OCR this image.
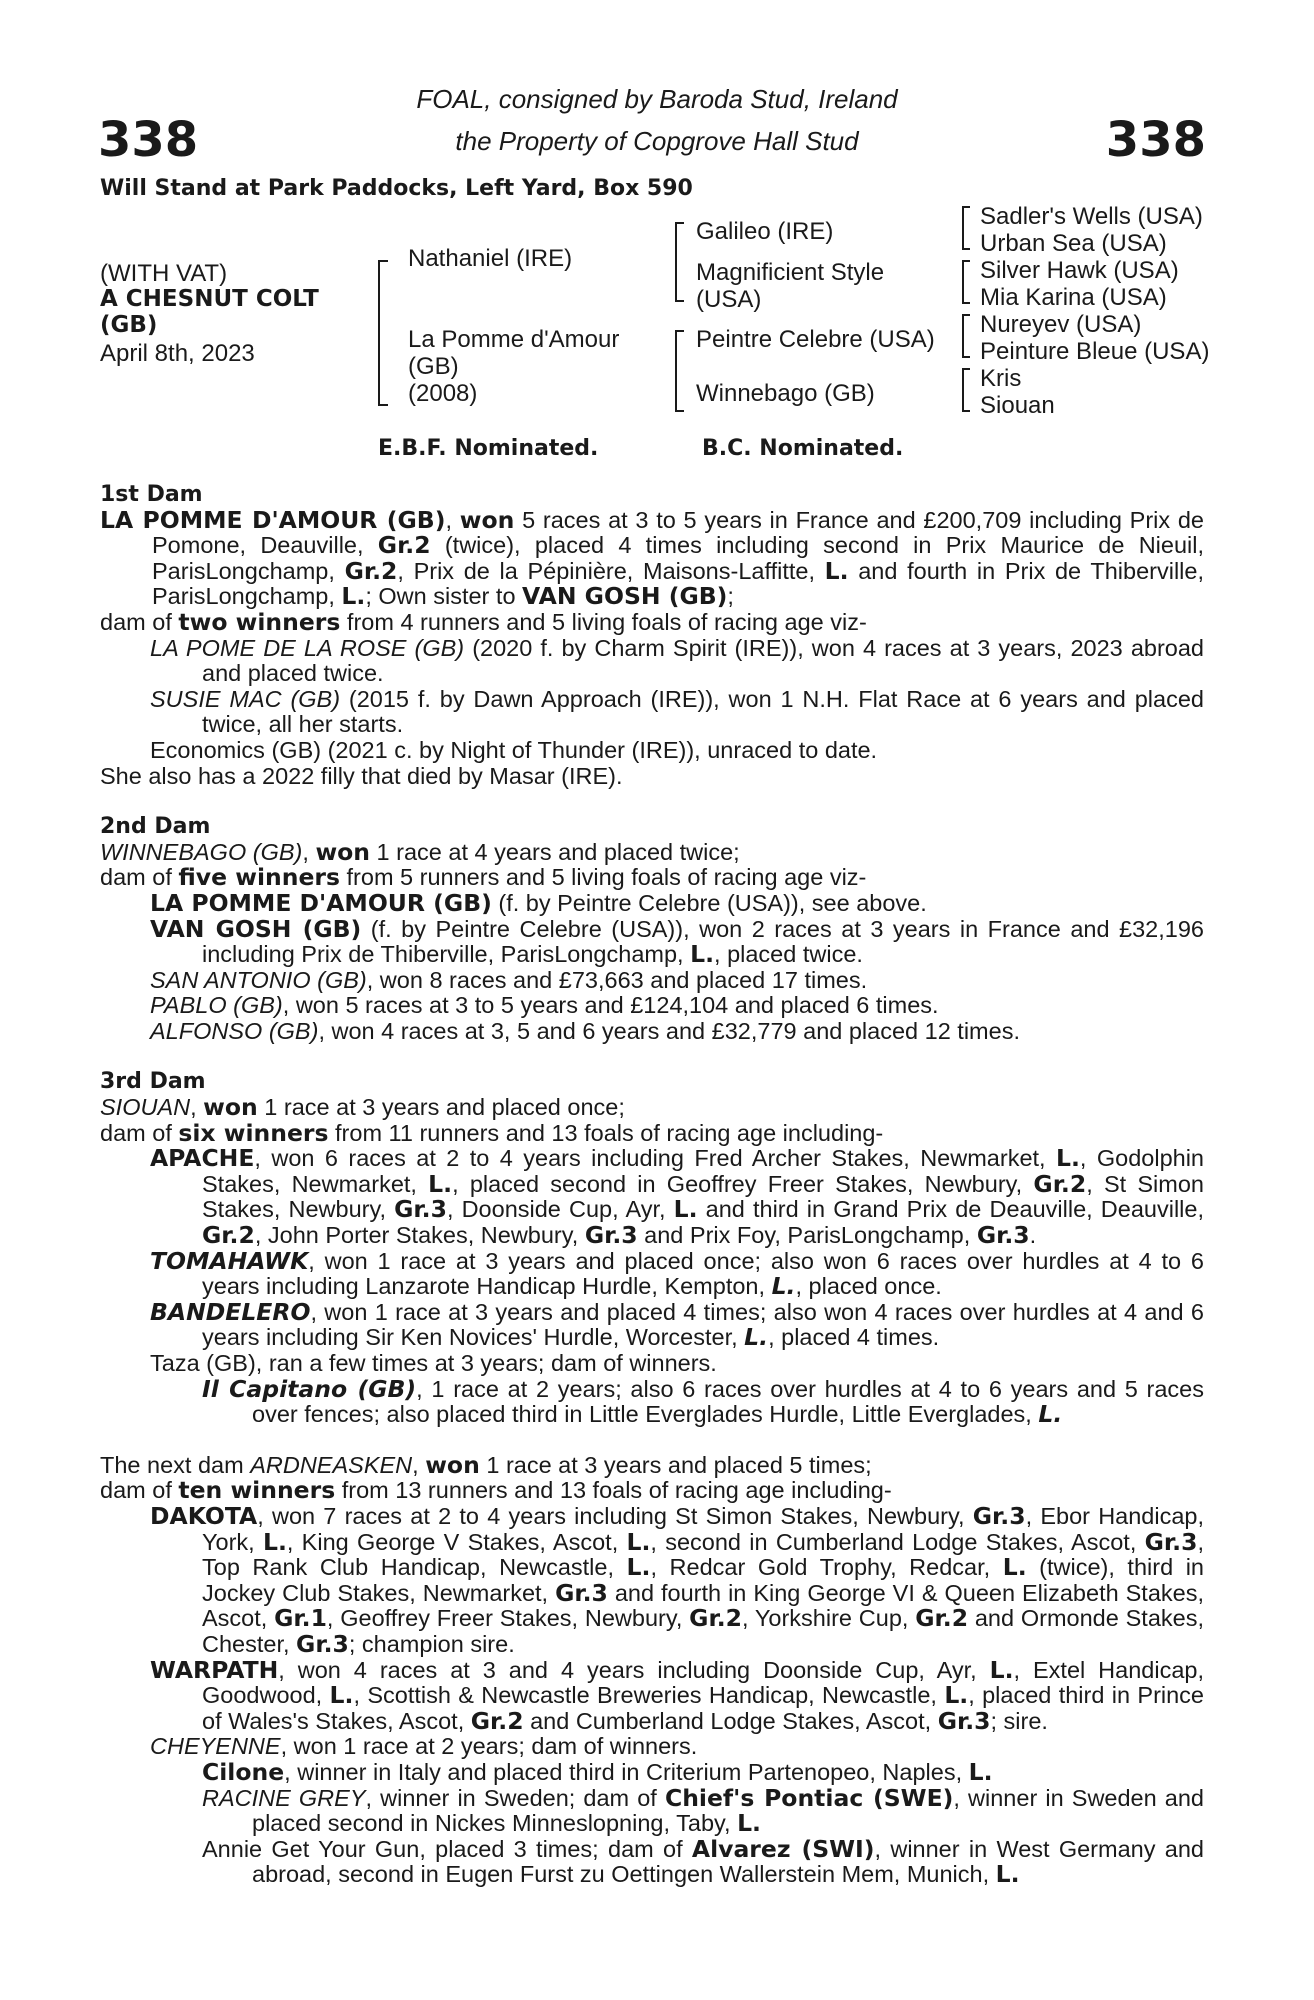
338	338
FOAL, consigned by Baroda Stud, Ireland
the Property of Copgrove Hall Stud
Will Stand at Park Paddocks, Left Yard, Box 590
(WITH VAT)
A CHESNUT COLT
(GB)
April 8th, 2023
Nathaniel (IRE)
La Pomme d'Amour
(GB)
(2008)
Galileo (IRE)
Magnificient Style
(USA)
Peintre Celebre (USA)
Winnebago (GB)
Sadler's Wells (USA)
Urban Sea (USA)
Silver Hawk (USA)
Mia Karina (USA)
Nureyev (USA)
Peinture Bleue (USA)
Kris
Siouan
E.B.F. Nominated.	B.C. Nominated.
1st Dam

LA POMME D'AMOUR (GB), won 5 races at 3 to 5 years in France and £200,709 including Prix de Pomone, Deauville, Gr.2 (twice), placed 4 times including second in Prix Maurice de Nieuil, ParisLongchamp, Gr.2, Prix de la Pépinière, Maisons-Laffitte, L. and fourth in Prix de Thiberville, ParisLongchamp, L.; Own sister to VAN GOSH (GB);

dam of two winners from 4 runners and 5 living foals of racing age viz-

LA POME DE LA ROSE (GB) (2020 f. by Charm Spirit (IRE)), won 4 races at 3 years, 2023 abroad and placed twice.

SUSIE MAC (GB) (2015 f. by Dawn Approach (IRE)), won 1 N.H. Flat Race at 6 years and placed twice, all her starts.

Economics (GB) (2021 c. by Night of Thunder (IRE)), unraced to date.

She also has a 2022 filly that died by Masar (IRE).

2nd Dam

WINNEBAGO (GB), won 1 race at 4 years and placed twice;

dam of five winners from 5 runners and 5 living foals of racing age viz-

LA POMME D'AMOUR (GB) (f. by Peintre Celebre (USA)), see above.

VAN GOSH (GB) (f. by Peintre Celebre (USA)), won 2 races at 3 years in France and £32,196 including Prix de Thiberville, ParisLongchamp, L., placed twice.

SAN ANTONIO (GB), won 8 races and £73,663 and placed 17 times.

PABLO (GB), won 5 races at 3 to 5 years and £124,104 and placed 6 times.

ALFONSO (GB), won 4 races at 3, 5 and 6 years and £32,779 and placed 12 times.

3rd Dam

SIOUAN, won 1 race at 3 years and placed once;

dam of six winners from 11 runners and 13 foals of racing age including-

APACHE, won 6 races at 2 to 4 years including Fred Archer Stakes, Newmarket, L., Godolphin Stakes, Newmarket, L., placed second in Geoffrey Freer Stakes, Newbury, Gr.2, St Simon Stakes, Newbury, Gr.3, Doonside Cup, Ayr, L. and third in Grand Prix de Deauville, Deauville, Gr.2, John Porter Stakes, Newbury, Gr.3 and Prix Foy, ParisLongchamp, Gr.3.

TOMAHAWK, won 1 race at 3 years and placed once; also won 6 races over hurdles at 4 to 6 years including Lanzarote Handicap Hurdle, Kempton, L., placed once.

BANDELERO, won 1 race at 3 years and placed 4 times; also won 4 races over hurdles at 4 and 6 years including Sir Ken Novices' Hurdle, Worcester, L., placed 4 times.

Taza (GB), ran a few times at 3 years; dam of winners.

Il Capitano (GB), 1 race at 2 years; also 6 races over hurdles at 4 to 6 years and 5 races over fences; also placed third in Little Everglades Hurdle, Little Everglades, L.

The next dam ARDNEASKEN, won 1 race at 3 years and placed 5 times;

dam of ten winners from 13 runners and 13 foals of racing age including-

DAKOTA, won 7 races at 2 to 4 years including St Simon Stakes, Newbury, Gr.3, Ebor Handicap, York, L., King George V Stakes, Ascot, L., second in Cumberland Lodge Stakes, Ascot, Gr.3, Top Rank Club Handicap, Newcastle, L., Redcar Gold Trophy, Redcar, L. (twice), third in Jockey Club Stakes, Newmarket, Gr.3 and fourth in King George VI & Queen Elizabeth Stakes, Ascot, Gr.1, Geoffrey Freer Stakes, Newbury, Gr.2, Yorkshire Cup, Gr.2 and Ormonde Stakes, Chester, Gr.3; champion sire.

WARPATH, won 4 races at 3 and 4 years including Doonside Cup, Ayr, L., Extel Handicap, Goodwood, L., Scottish & Newcastle Breweries Handicap, Newcastle, L., placed third in Prince of Wales's Stakes, Ascot, Gr.2 and Cumberland Lodge Stakes, Ascot, Gr.3; sire.

CHEYENNE, won 1 race at 2 years; dam of winners.

Cilone, winner in Italy and placed third in Criterium Partenopeo, Naples, L.

RACINE GREY, winner in Sweden; dam of Chief's Pontiac (SWE), winner in Sweden and placed second in Nickes Minneslopning, Taby, L.

Annie Get Your Gun, placed 3 times; dam of Alvarez (SWI), winner in West Germany and abroad, second in Eugen Furst zu Oettingen Wallerstein Mem, Munich, L.
